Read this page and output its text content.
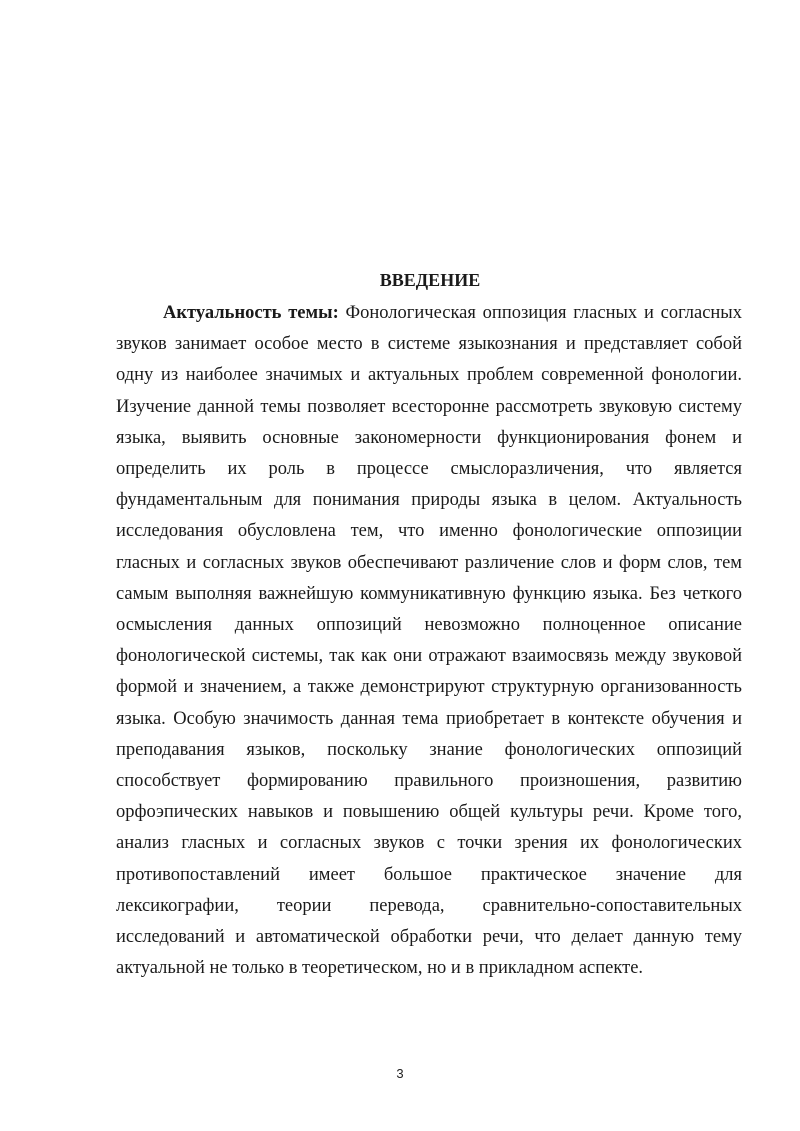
ВВЕДЕНИЕ

Актуальность темы: Фонологическая оппозиция гласных и согласных звуков занимает особое место в системе языкознания и представляет собой одну из наиболее значимых и актуальных проблем современной фонологии. Изучение данной темы позволяет всесторонне рассмотреть звуковую систему языка, выявить основные закономерности функционирования фонем и определить их роль в процессе смыслоразличения, что является фундаментальным для понимания природы языка в целом. Актуальность исследования обусловлена тем, что именно фонологические оппозиции гласных и согласных звуков обеспечивают различение слов и форм слов, тем самым выполняя важнейшую коммуникативную функцию языка. Без четкого осмысления данных оппозиций невозможно полноценное описание фонологической системы, так как они отражают взаимосвязь между звуковой формой и значением, а также демонстрируют структурную организованность языка. Особую значимость данная тема приобретает в контексте обучения и преподавания языков, поскольку знание фонологических оппозиций способствует формированию правильного произношения, развитию орфоэпических навыков и повышению общей культуры речи. Кроме того, анализ гласных и согласных звуков с точки зрения их фонологических противопоставлений имеет большое практическое значение для лексикографии, теории перевода, сравнительно-сопоставительных исследований и автоматической обработки речи, что делает данную тему актуальной не только в теоретическом, но и в прикладном аспекте.

3
